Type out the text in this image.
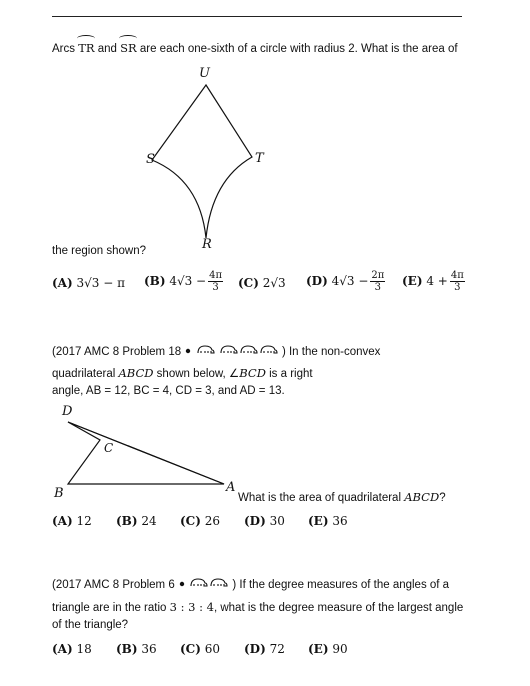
Arcs
TR and
SR are each one-sixth of a circle with radius 2. What is the area of
U
S	T
R
the region shown?
(A) 3√3 − π (B) $4√3 - \frac{4\pi}{3} (C)$ 2√3 (D) $4√3 - \frac{2\pi}{3} (E) 4 + \frac{4\pi}{3}$
(2017 AMC 8 Problem 18	) In the non-convex
quadrilateral ABCD shown below, ∠BCD is a right
angle, AB = 12, BC = 4, CD = 3, and AD = 13.
D
C
B	A
What is the area of quadrilateral ABCD?
(A) 12 (B) 24 (C) 26 (D) 30 (E) 36
(2017 AMC 8 Problem 6	) If the degree measures of the angles of a
triangle are in the ratio 3 : 3 : 4, what is the degree measure of the largest angle
of the triangle?
(A) 18 (B) 36 (C) 60 (D) 72 (E) 90
